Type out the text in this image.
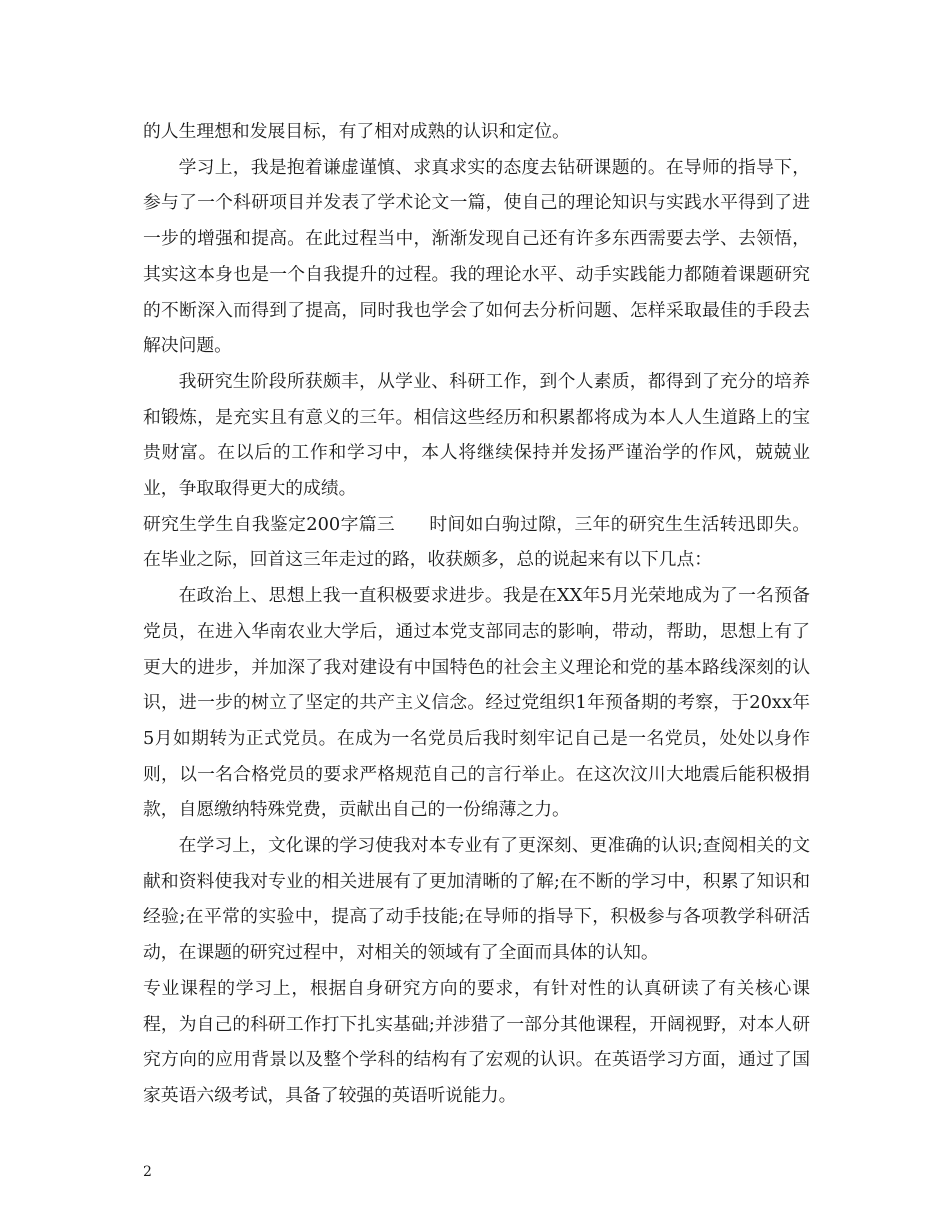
的人生理想和发展目标，有了相对成熟的认识和定位。

学习上，我是抱着谦虚谨慎、求真求实的态度去钻研课题的。在导师的指导下，参与了一个科研项目并发表了学术论文一篇，使自己的理论知识与实践水平得到了进一步的增强和提高。在此过程当中，渐渐发现自己还有许多东西需要去学、去领悟，其实这本身也是一个自我提升的过程。我的理论水平、动手实践能力都随着课题研究的不断深入而得到了提高，同时我也学会了如何去分析问题、怎样采取最佳的手段去解决问题。

我研究生阶段所获颇丰，从学业、科研工作，到个人素质，都得到了充分的培养和锻炼，是充实且有意义的三年。相信这些经历和积累都将成为本人人生道路上的宝贵财富。在以后的工作和学习中，本人将继续保持并发扬严谨治学的作风，兢兢业业，争取取得更大的成绩。

研究生学生自我鉴定200字篇三 时间如白驹过隙，三年的研究生生活转迅即失。在毕业之际，回首这三年走过的路，收获颇多，总的说起来有以下几点：

在政治上、思想上我一直积极要求进步。我是在XX年5月光荣地成为了一名预备党员，在进入华南农业大学后，通过本党支部同志的影响，带动，帮助，思想上有了更大的进步，并加深了我对建设有中国特色的社会主义理论和党的基本路线深刻的认识，进一步的树立了坚定的共产主义信念。经过党组织1年预备期的考察，于20xx年5月如期转为正式党员。在成为一名党员后我时刻牢记自己是一名党员，处处以身作则，以一名合格党员的要求严格规范自己的言行举止。在这次汶川大地震后能积极捐款，自愿缴纳特殊党费，贡献出自己的一份绵薄之力。

在学习上，文化课的学习使我对本专业有了更深刻、更准确的认识;查阅相关的文献和资料使我对专业的相关进展有了更加清晰的了解;在不断的学习中，积累了知识和经验;在平常的实验中，提高了动手技能;在导师的指导下，积极参与各项教学科研活动，在课题的研究过程中，对相关的领域有了全面而具体的认知。

专业课程的学习上，根据自身研究方向的要求，有针对性的认真研读了有关核心课程，为自己的科研工作打下扎实基础;并涉猎了一部分其他课程，开阔视野，对本人研究方向的应用背景以及整个学科的结构有了宏观的认识。在英语学习方面，通过了国家英语六级考试，具备了较强的英语听说能力。

2
